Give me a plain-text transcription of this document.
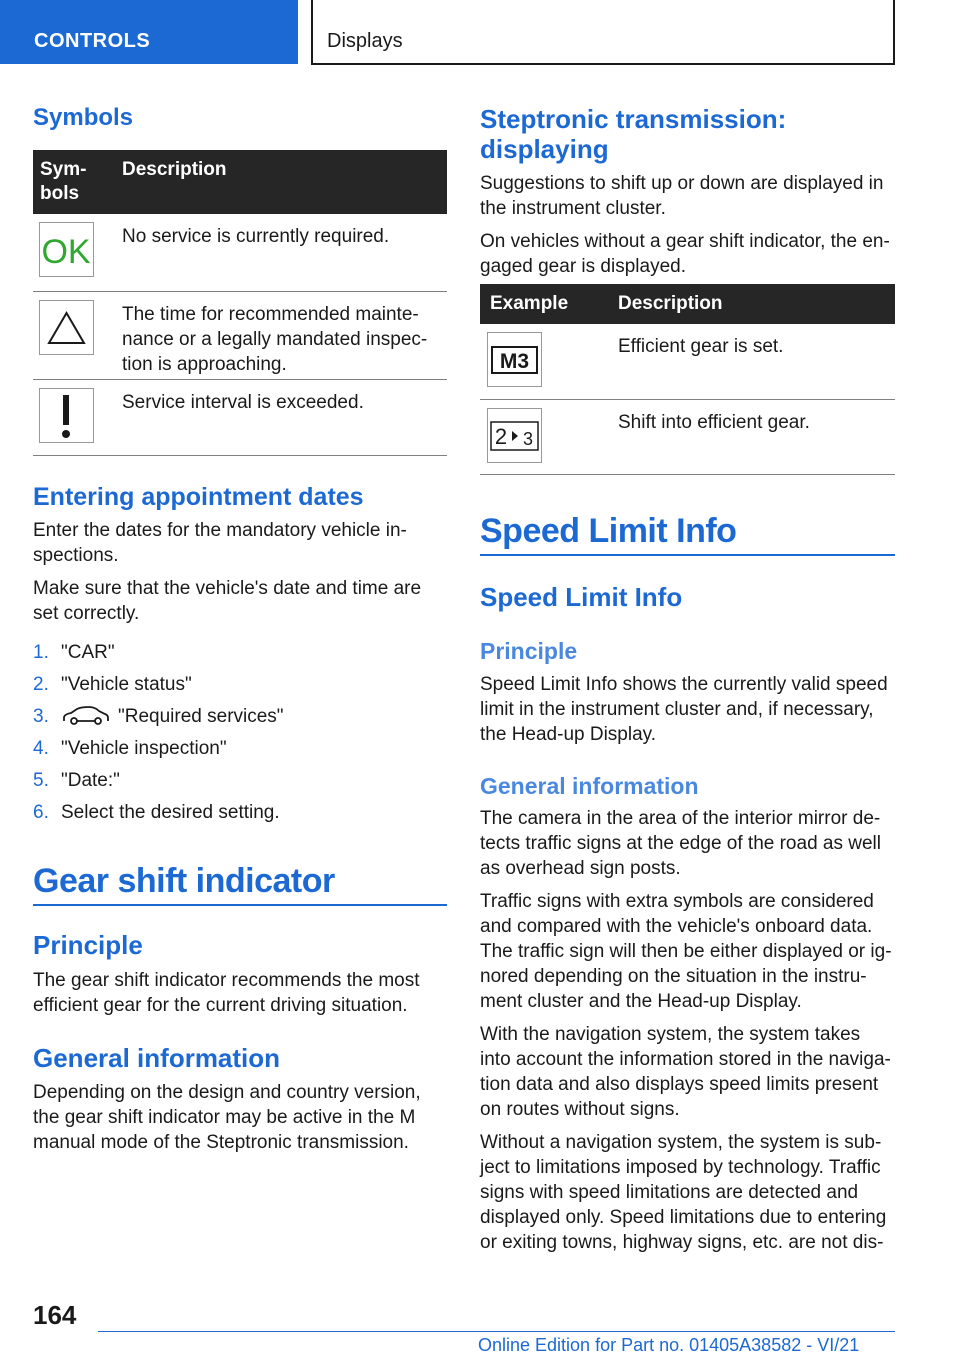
CONTROLS	Displays
Symbols
Sym‐bols	Description

OK	No service is currently required.

	The time for recommended mainte‐nance or a legally mandated inspec‐tion is approaching.

	Service interval is exceeded.
Entering appointment dates
Enter the dates for the mandatory vehicle in‐spections.
Make sure that the vehicle's date and time are set correctly.
1. "CAR"
2. "Vehicle status"
3.	"Required services"
4. "Vehicle inspection"
5. "Date:"
6. Select the desired setting.
Gear shift indicator
Principle
The gear shift indicator recommends the most efficient gear for the current driving situation.
General information
Depending on the design and country version, the gear shift indicator may be active in the M manual mode of the Steptronic transmission.
Steptronic transmission: displaying
Suggestions to shift up or down are displayed in the instrument cluster.
On vehicles without a gear shift indicator, the en‐gaged gear is displayed.
Example	Description

M3	Efficient gear is set.

2 3	Shift into efficient gear.
Speed Limit Info
Speed Limit Info
Principle
Speed Limit Info shows the currently valid speed limit in the instrument cluster and, if necessary, the Head-up Display.
General information
The camera in the area of the interior mirror de‐tects traffic signs at the edge of the road as well as overhead sign posts.
Traffic signs with extra symbols are considered and compared with the vehicle's onboard data. The traffic sign will then be either displayed or ig‐nored depending on the situation in the instru‐ment cluster and the Head-up Display.
With the navigation system, the system takes into account the information stored in the naviga‐tion data and also displays speed limits present on routes without signs.
Without a navigation system, the system is sub‐ject to limitations imposed by technology. Traffic signs with speed limitations are detected and displayed only. Speed limitations due to entering or exiting towns, highway signs, etc. are not dis‐
164
Online Edition for Part no. 01405A38582 - VI/21
